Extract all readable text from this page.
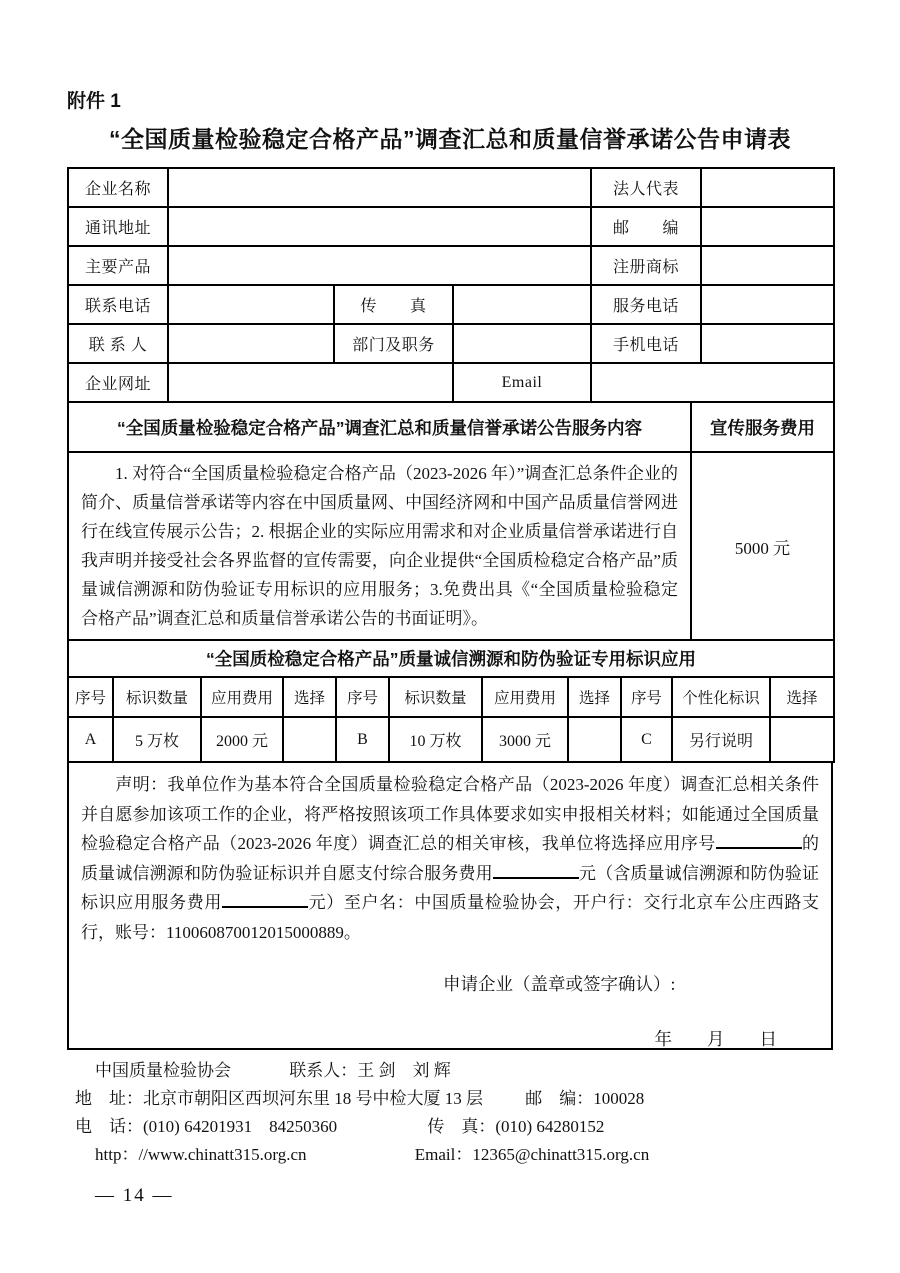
附件 1
“全国质量检验稳定合格产品”调查汇总和质量信誉承诺公告申请表
企业名称				法人代表	
通讯地址				邮　　编	
主要产品				注册商标	
联系电话		传　　真		服务电话	
联 系 人		部门及职务		手机电话	
企业网址			Email		
“全国质量检验稳定合格产品”调查汇总和质量信誉承诺公告服务内容	宣传服务费用

1. 对符合“全国质量检验稳定合格产品（2023-2026 年）”调查汇总条件企业的简介、质量信誉承诺等内容在中国质量网、中国经济网和中国产品质量信誉网进行在线宣传展示公告；2. 根据企业的实际应用需求和对企业质量信誉承诺进行自我声明并接受社会各界监督的宣传需要，向企业提供“全国质检稳定合格产品”质量诚信溯源和防伪验证专用标识的应用服务；3.免费出具《“全国质量检验稳定合格产品”调查汇总和质量信誉承诺公告的书面证明》。	5000 元
“全国质检稳定合格产品”质量诚信溯源和防伪验证专用标识应用										
序号	标识数量	应用费用	选择	序号	标识数量	应用费用	选择	序号	个性化标识	选择
A	5 万枚	2000 元		B	10 万枚	3000 元		C	另行说明	
声明：我单位作为基本符合全国质量检验稳定合格产品（2023-2026 年度）调查汇总相关条件并自愿参加该项工作的企业，将严格按照该项工作具体要求如实申报相关材料；如能通过全国质量检验稳定合格产品（2023-2026 年度）调查汇总的相关审核，我单位将选择应用序号	的质量诚信溯源和防伪验证标识并自愿支付综合服务费用	元（含质量诚信溯源和防伪验证标识应用服务费用	元）至户名：中国质量检验协会，开户行：交行北京车公庄西路支行，账号：110060870012015000889。
申请企业（盖章或签字确认）:
年　　月　　日
中国质量检验协会	联系人：王 剑　刘 辉
地　址：北京市朝阳区西坝河东里 18 号中检大厦 13 层 邮　编：100028
电　话：(010) 64201931　84250360	传　真：(010) 64280152
http：//www.chinatt315.org.cn	Email：12365@chinatt315.org.cn
— 14 —
